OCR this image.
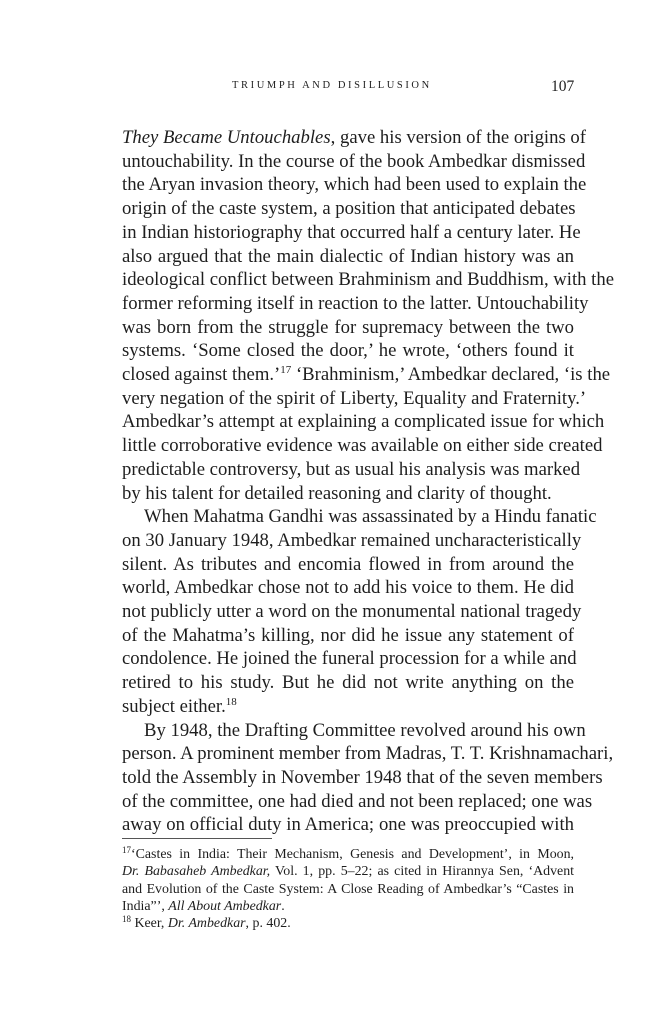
TRIUMPH AND DISILLUSION	107
They Became Untouchables, gave his version of the origins of
untouchability. In the course of the book Ambedkar dismissed
the Aryan invasion theory, which had been used to explain the
origin of the caste system, a position that anticipated debates
in Indian historiography that occurred half a century later. He
also argued that the main dialectic of Indian history was an
ideological conflict between Brahminism and Buddhism, with the
former reforming itself in reaction to the latter. Untouchability
was born from the struggle for supremacy between the two
systems. ‘Some closed the door,’ he wrote, ‘others found it
closed against them.’$^{17}$ ‘Brahminism,’ Ambedkar declared, ‘is the
very negation of the spirit of Liberty, Equality and Fraternity.’
Ambedkar’s attempt at explaining a complicated issue for which
little corroborative evidence was available on either side created
predictable controversy, but as usual his analysis was marked
by his talent for detailed reasoning and clarity of thought.
When Mahatma Gandhi was assassinated by a Hindu fanatic
on 30 January 1948, Ambedkar remained uncharacteristically
silent. As tributes and encomia flowed in from around the
world, Ambedkar chose not to add his voice to them. He did
not publicly utter a word on the monumental national tragedy
of the Mahatma’s killing, nor did he issue any statement of
condolence. He joined the funeral procession for a while and
retired to his study. But he did not write anything on the
subject either.$^{18}$
By 1948, the Drafting Committee revolved around his own
person. A prominent member from Madras, T. T. Krishnamachari,
told the Assembly in November 1948 that of the seven members
of the committee, one had died and not been replaced; one was
away on official duty in America; one was preoccupied with
$^{17}$‘Castes in India: Their Mechanism, Genesis and Development’, in Moon,
Dr. Babasaheb Ambedkar, Vol. 1, pp. 5–22; as cited in Hirannya Sen, ‘Advent
and Evolution of the Caste System: A Close Reading of Ambedkar’s “Castes in
India”’, All About Ambedkar.
$^{18}$ Keer, Dr. Ambedkar, p. 402.
